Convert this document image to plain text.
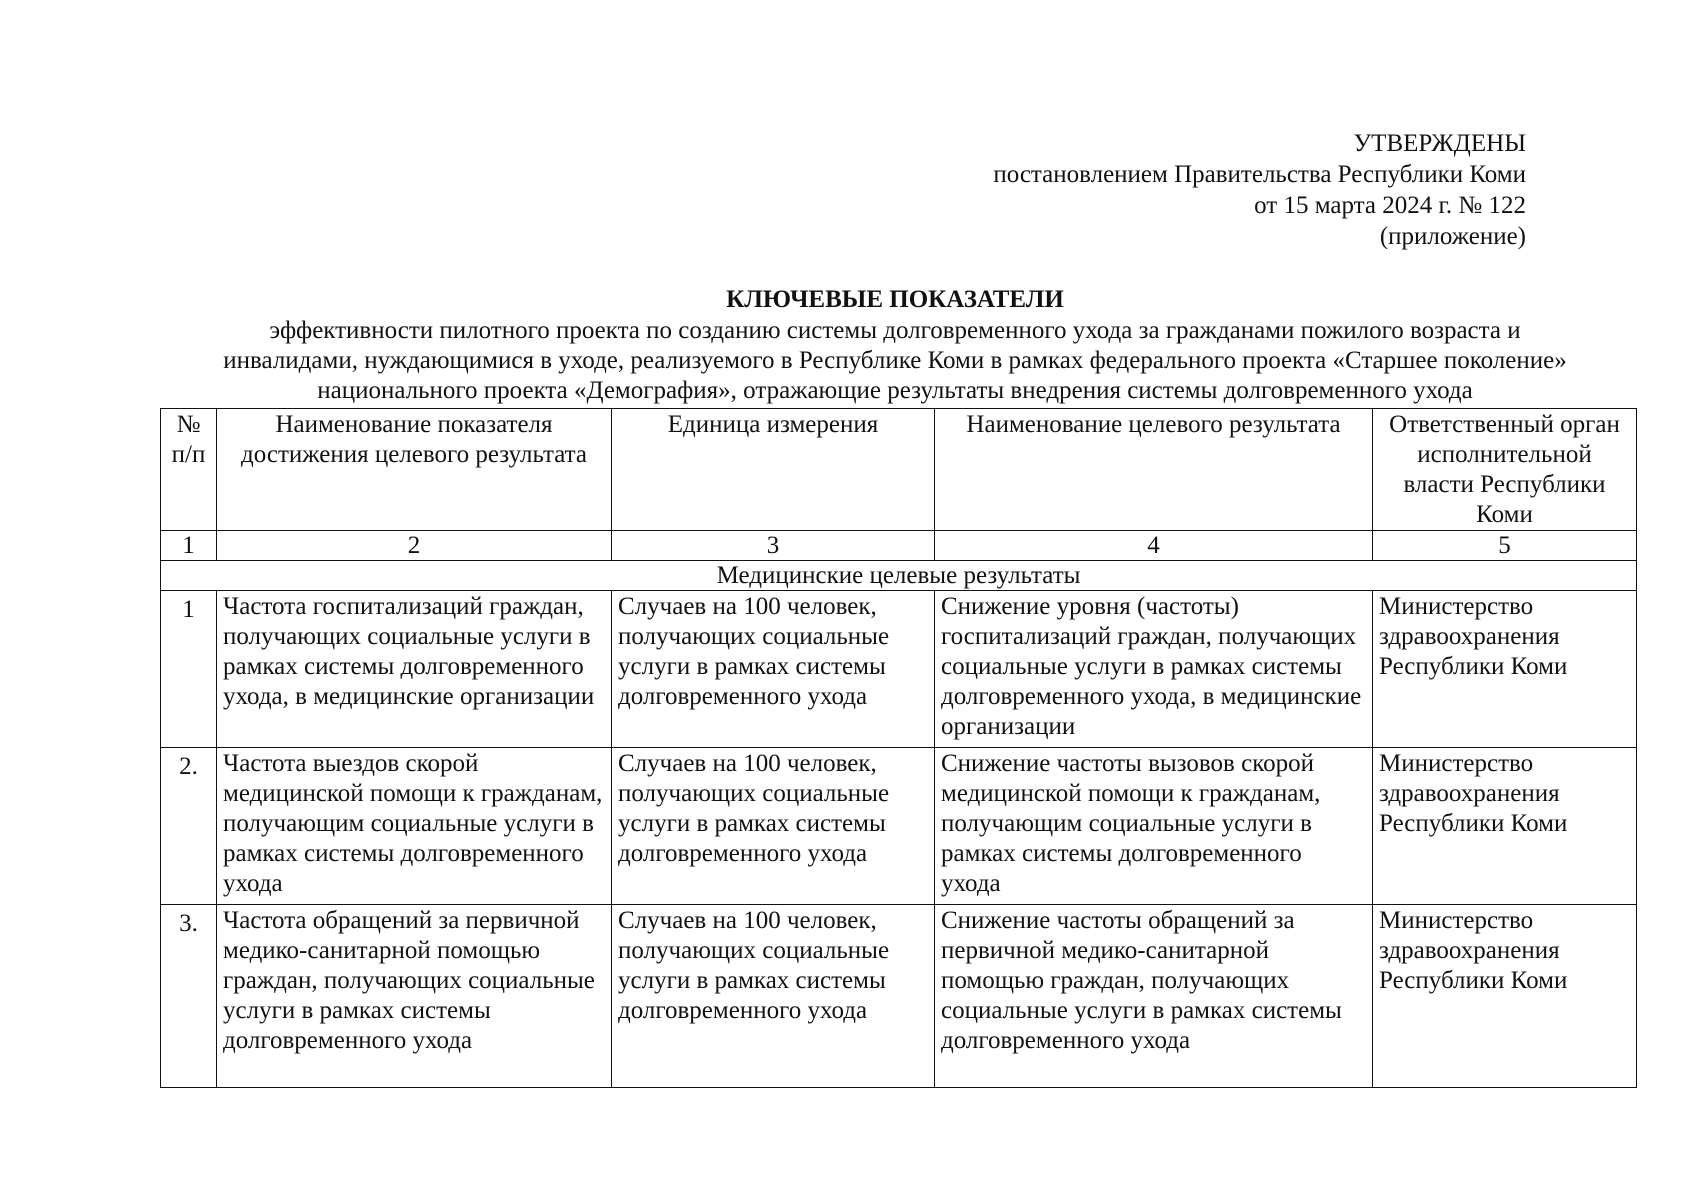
УТВЕРЖДЕНЫ
постановлением Правительства Республики Коми
от 15 марта 2024 г. № 122
(приложение)
КЛЮЧЕВЫЕ ПОКАЗАТЕЛИ
эффективности пилотного проекта по созданию системы долговременного ухода за гражданами пожилого возраста и
инвалидами, нуждающимися в уходе, реализуемого в Республике Коми в рамках федерального проекта «Старшее поколение»
национального проекта «Демография», отражающие результаты внедрения системы долговременного ухода
№ п/п	Наименование показателя достижения целевого результата	Единица измерения	Наименование целевого результата	Ответственный орган исполнительной власти Республики Коми
1	2	3	4	5
Медицинские целевые результаты				
1	Частота госпитализаций граждан, получающих социальные услуги в рамках системы долговременного ухода, в медицинские организации	Случаев на 100 человек, получающих социальные услуги в рамках системы долговременного ухода	Снижение уровня (частоты) госпитализаций граждан, получающих социальные услуги в рамках системы долговременного ухода, в медицинские организации	Министерство здравоохранения Республики Коми
2.	Частота выездов скорой медицинской помощи к гражданам, получающим социальные услуги в рамках системы долговременного ухода	Случаев на 100 человек, получающих социальные услуги в рамках системы долговременного ухода	Снижение частоты вызовов скорой медицинской помощи к гражданам, получающим социальные услуги в рамках системы долговременного ухода	Министерство здравоохранения Республики Коми
3.	Частота обращений за первичной медико-санитарной помощью граждан, получающих социальные услуги в рамках системы долговременного ухода	Случаев на 100 человек, получающих социальные услуги в рамках системы долговременного ухода	Снижение частоты обращений за первичной медико-санитарной помощью граждан, получающих социальные услуги в рамках системы долговременного ухода	Министерство здравоохранения Республики Коми
